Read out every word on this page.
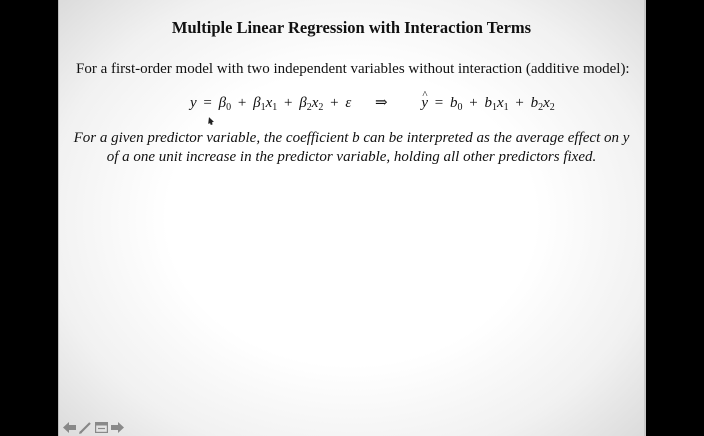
Multiple Linear Regression with Interaction Terms
For a first-order model with two independent variables without interaction (additive model):
$y = \beta_0 + \beta_1x_1 + \beta_2x_2 + \varepsilon$ ⇒ ^ $y = b_0 + b_1x_1 + b_2x_2$
For a given predictor variable, the coefficient b can be interpreted as the average effect on y
of a one unit increase in the predictor variable, holding all other predictors fixed.
